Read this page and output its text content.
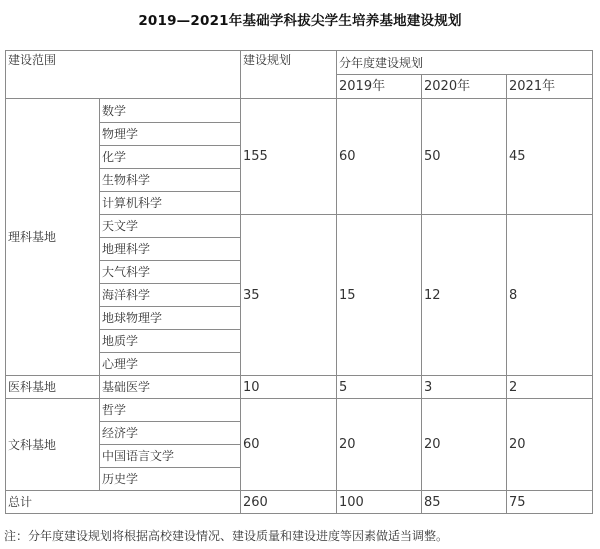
2019—2021年基础学科拔尖学生培养基地建设规划
建设范围		建设规划	分年度建设规划		
			2019年	2020年	2021年
理科基地	数学	155	60	50	45
	物理学				
	化学				
	生物科学				
	计算机科学				
	天文学	35	15	12	8
	地理科学				
	大气科学				
	海洋科学				
	地球物理学				
	地质学				
	心理学				
医科基地	基础医学	10	5	3	2
文科基地	哲学	60	20	20	20
	经济学				
	中国语言文学				
	历史学				
总计		260	100	85	75
注：分年度建设规划将根据高校建设情况、建设质量和建设进度等因素做适当调整。
